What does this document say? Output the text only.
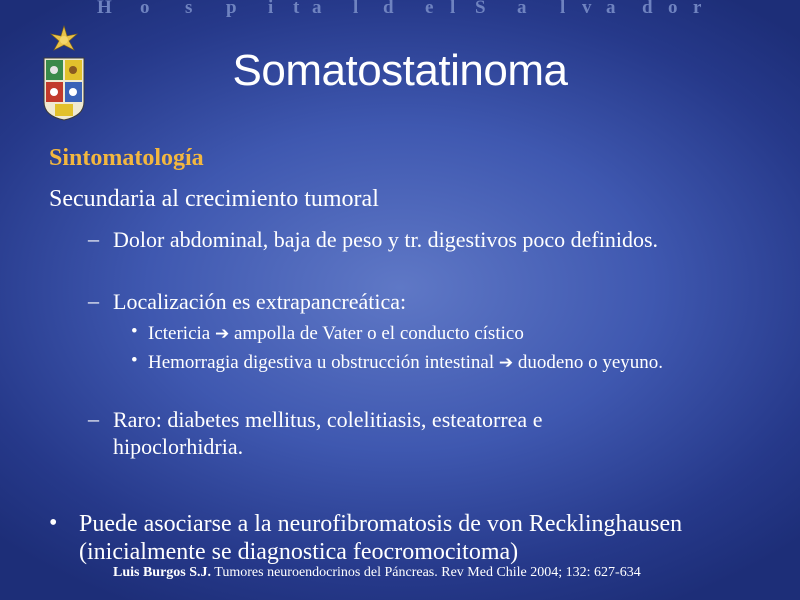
H o s p i t a l d e l S a l v a d o r
Somatostatinoma
Sintomatología
Secundaria al crecimiento tumoral
– Dolor abdominal, baja de peso y tr. digestivos poco definidos.
– Localización es extrapancreática:
• Ictericia ➔ ampolla de Vater o el conducto cístico
• Hemorragia digestiva u obstrucción intestinal ➔ duodeno o yeyuno.
– Raro: diabetes mellitus, colelitiasis, esteatorrea e hipoclorhidria.
• Puede asociarse a la neurofibromatosis de von Recklinghausen (inicialmente se diagnostica feocromocitoma)
Luis Burgos S.J. Tumores neuroendocrinos del Páncreas. Rev Med Chile 2004; 132: 627-634
